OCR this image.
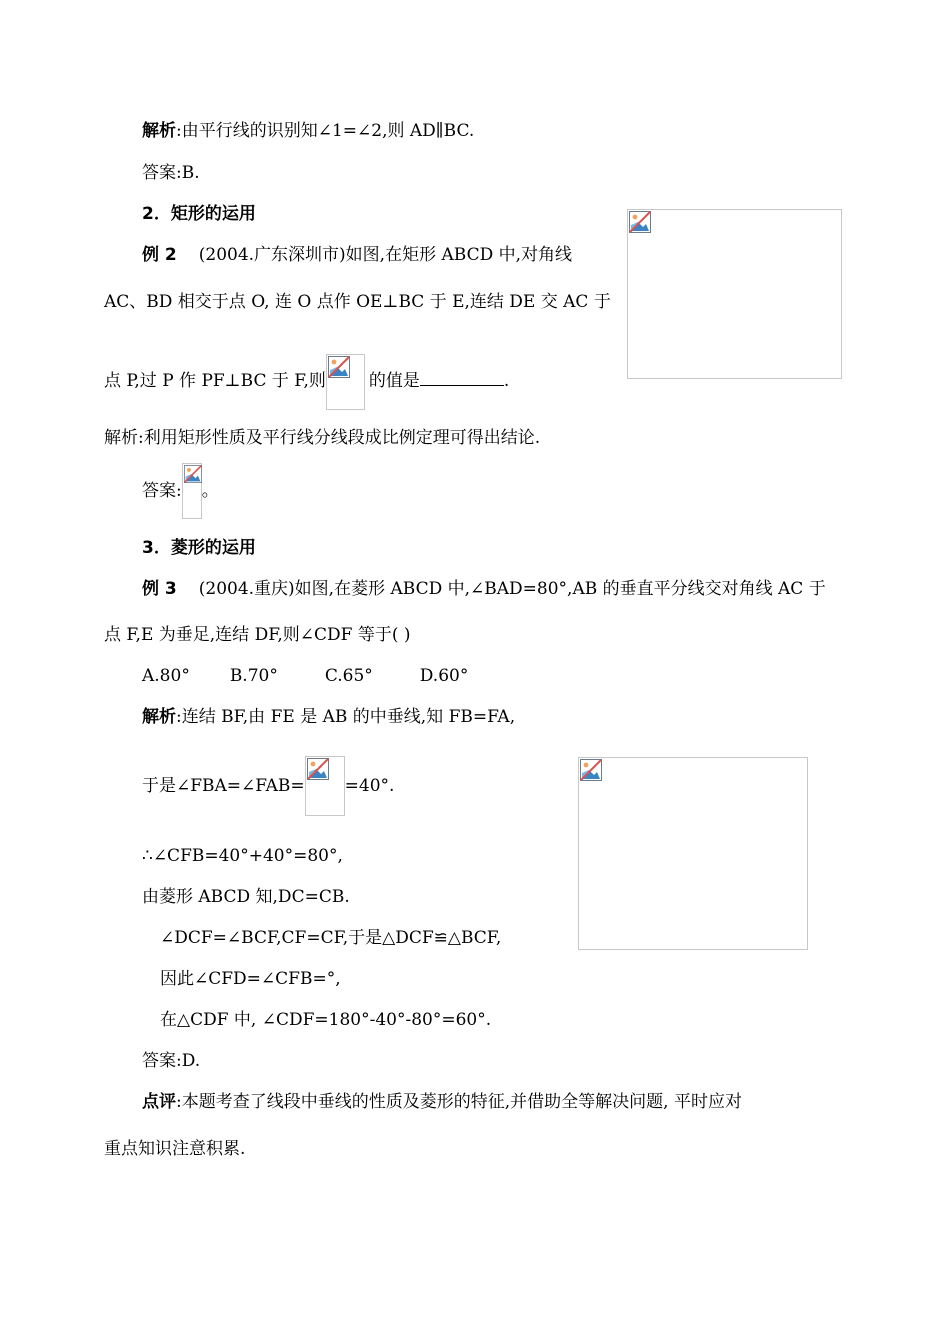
解析:由平行线的识别知∠1=∠2,则 AD∥BC.
答案:B.
2．矩形的运用
例 2 (2004.广东深圳市)如图,在矩形 ABCD 中,对角线
AC、BD 相交于点 O, 连 O 点作 OE⊥BC 于 E,连结 DE 交 AC 于
点 P,过 P 作 PF⊥BC 于 F,则	的值是	.
解析:利用矩形性质及平行线分线段成比例定理可得出结论.
答案: 。
3．菱形的运用
例 3 (2004.重庆)如图,在菱形 ABCD 中,∠BAD=80°,AB 的垂直平分线交对角线 AC 于
点 F,E 为垂足,连结 DF,则∠CDF 等于( )
A.80° B.70°	C.65°	D.60°
解析:连结 BF,由 FE 是 AB 的中垂线,知 FB=FA,
于是∠FBA=∠FAB= =40°.
∴∠CFB=40°+40°=80°,
由菱形 ABCD 知,DC=CB.
∠DCF=∠BCF,CF=CF,于是△DCF≌△BCF,
因此∠CFD=∠CFB=°,
在△CDF 中, ∠CDF=180°-40°-80°=60°.
答案:D.
点评:本题考查了线段中垂线的性质及菱形的特征,并借助全等解决问题, 平时应对
重点知识注意积累.
